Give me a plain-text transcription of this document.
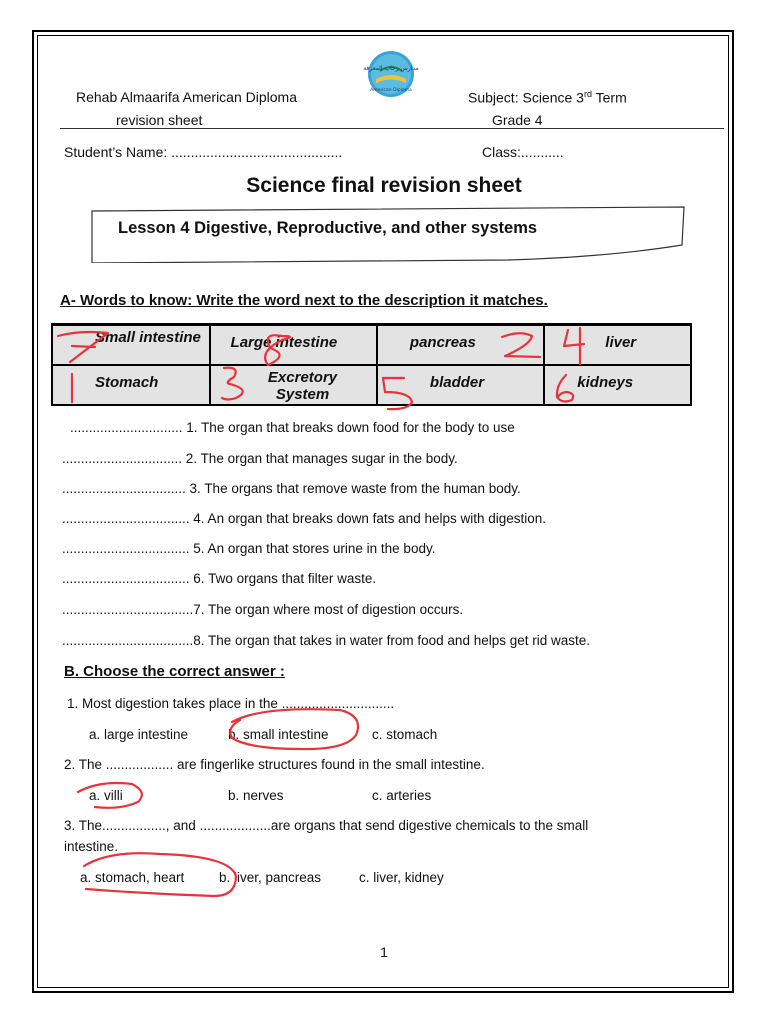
Rehab Almaarifa American Diploma
revision sheet
مدارس رحاب المعرفة
American Diploma	Subject: Science 3rd Term
Grade 4
Student’s Name: ............................................	Class:...........
Science final revision sheet
Lesson 4 Digestive, Reproductive, and other systems
A- Words to know: Write the word next to the description it matches.
Small intestine	Large intestine	pancreas	liver

Stomach	Excretory System	bladder	kidneys
.............................. 1. The organ that breaks down food for the body to use
................................ 2. The organ that manages sugar in the body.
................................. 3. The organs that remove waste from the human body.
.................................. 4. An organ that breaks down fats and helps with digestion.
.................................. 5. An organ that stores urine in the body.
.................................. 6. Two organs that filter waste.
...................................7. The organ where most of digestion occurs.
...................................8. The organ that takes in water from food and helps get rid waste.
B. Choose the correct answer :
1. Most digestion takes place in the ..............................
a. large intestine	b. small intestine	c. stomach
2. The .................. are fingerlike structures found in the small intestine.
a. villi	b. nerves	c. arteries
3. The................., and ...................are organs that send digestive chemicals to the small
intestine.
a. stomach, heart	b. liver, pancreas	c. liver, kidney
1
